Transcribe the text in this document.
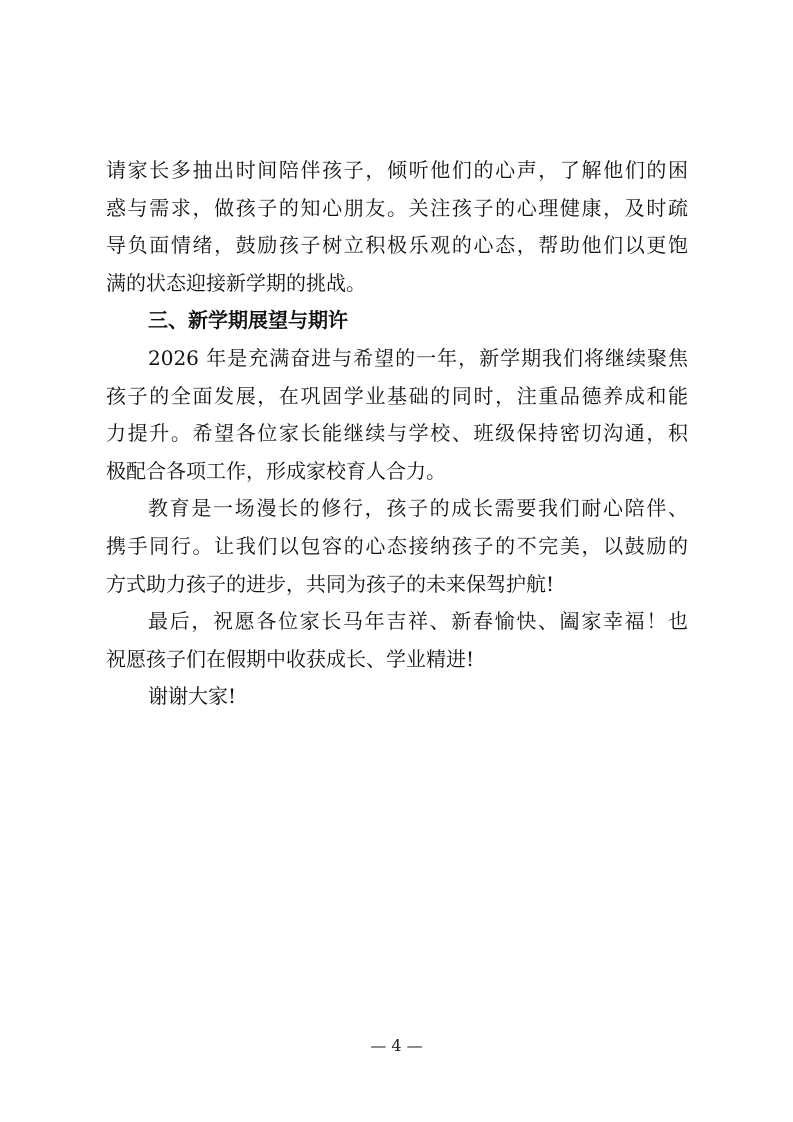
请家长多抽出时间陪伴孩子，倾听他们的心声，了解他们的困
惑与需求，做孩子的知心朋友。关注孩子的心理健康，及时疏
导负面情绪，鼓励孩子树立积极乐观的心态，帮助他们以更饱
满的状态迎接新学期的挑战。
三、新学期展望与期许
2026 年是充满奋进与希望的一年，新学期我们将继续聚焦
孩子的全面发展，在巩固学业基础的同时，注重品德养成和能
力提升。希望各位家长能继续与学校、班级保持密切沟通，积
极配合各项工作，形成家校育人合力。
教育是一场漫长的修行，孩子的成长需要我们耐心陪伴、
携手同行。让我们以包容的心态接纳孩子的不完美，以鼓励的
方式助力孩子的进步，共同为孩子的未来保驾护航!
最后，祝愿各位家长马年吉祥、新春愉快、阖家幸福！也
祝愿孩子们在假期中收获成长、学业精进!
谢谢大家!
— 4 —
